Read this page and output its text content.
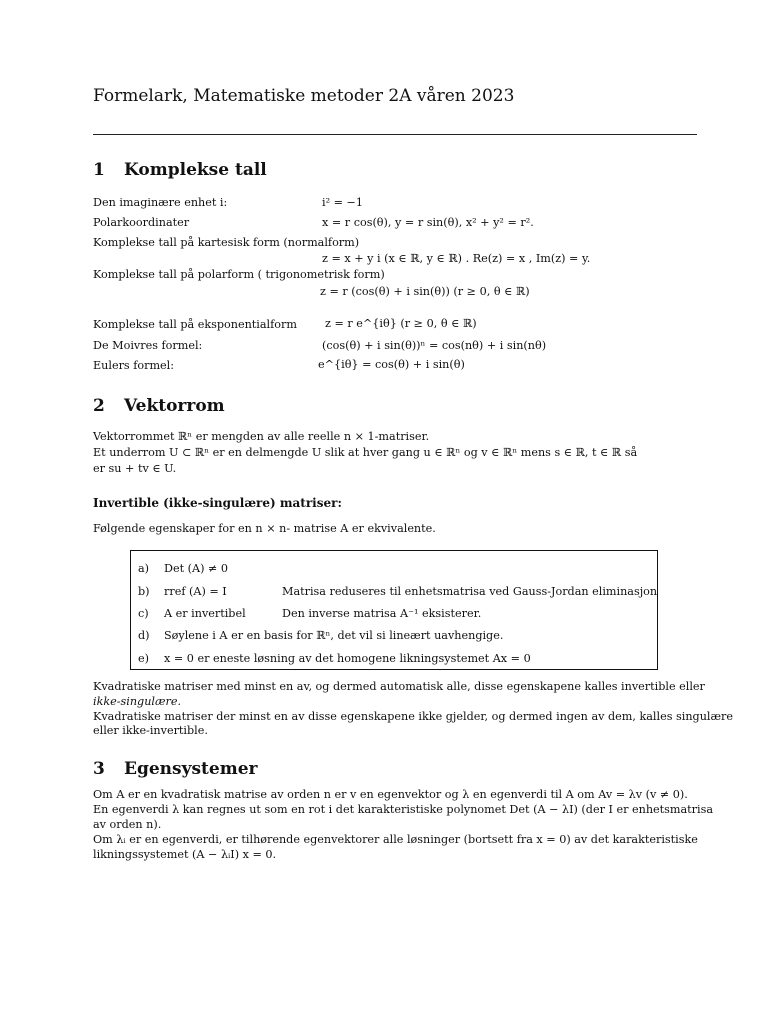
Formelark, Matematiske metoder 2A våren 2023
1 Komplekse tall
Den imaginære enhet i:	i² = −1
Polarkoordinater	x = r cos(θ), y = r sin(θ), x² + y² = r².
Komplekse tall på kartesisk form (normalform)
z = x + y i (x ∈ ℝ, y ∈ ℝ) . Re(z) = x , Im(z) = y.
Komplekse tall på polarform ( trigonometrisk form)
z = r (cos(θ) + i sin(θ)) (r ≥ 0, θ ∈ ℝ)
Komplekse tall på eksponentialform	z = r e^{iθ} (r ≥ 0, θ ∈ ℝ)
De Moivres formel:	(cos(θ) + i sin(θ))ⁿ = cos(nθ) + i sin(nθ)
Eulers formel:	e^{iθ} = cos(θ) + i sin(θ)
2 Vektorrom
Vektorrommet ℝⁿ er mengden av alle reelle n × 1-matriser.
Et underrom U ⊂ ℝⁿ er en delmengde U slik at hver gang u ∈ ℝⁿ og v ∈ ℝⁿ mens s ∈ ℝ, t ∈ ℝ så
er su + tv ∈ U.
Invertible (ikke-singulære) matriser:
Følgende egenskaper for en n × n- matrise A er ekvivalente.
a) Det (A) ≠ 0
b) rref (A) = I	Matrisa reduseres til enhetsmatrisa ved Gauss-Jordan eliminasjon
c) A er invertibel	Den inverse matrisa A⁻¹ eksisterer.
d) Søylene i A er en basis for ℝⁿ, det vil si lineært uavhengige.
e) x = 0 er eneste løsning av det homogene likningsystemet Ax = 0
Kvadratiske matriser med minst en av, og dermed automatisk alle, disse egenskapene kalles invertible eller
ikke-singulære.
Kvadratiske matriser der minst en av disse egenskapene ikke gjelder, og dermed ingen av dem, kalles singulære
eller ikke-invertible.
3 Egensystemer
Om A er en kvadratisk matrise av orden n er v en egenvektor og λ en egenverdi til A om Av = λv (v ≠ 0).
En egenverdi λ kan regnes ut som en rot i det karakteristiske polynomet Det (A − λI) (der I er enhetsmatrisa
av orden n).
Om λᵢ er en egenverdi, er tilhørende egenvektorer alle løsninger (bortsett fra x = 0) av det karakteristiske
likningssystemet (A − λᵢI) x = 0.
